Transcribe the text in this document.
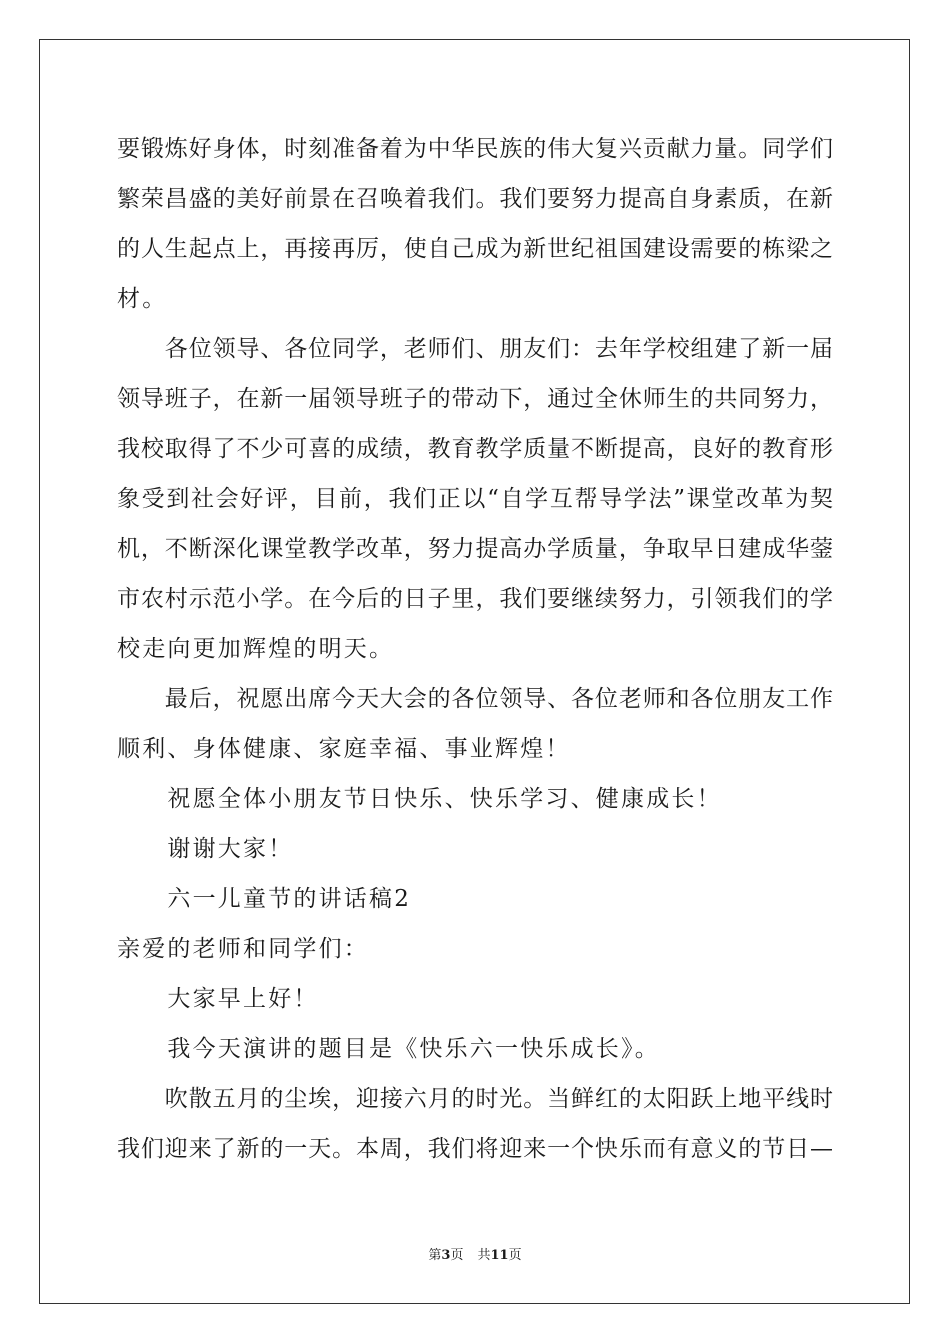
要锻炼好身体，时刻准备着为中华民族的伟大复兴贡献力量。同学们
繁荣昌盛的美好前景在召唤着我们。我们要努力提高自身素质，在新
的人生起点上，再接再厉，使自己成为新世纪祖国建设需要的栋梁之
材。
　　各位领导、各位同学，老师们、朋友们：去年学校组建了新一届
领导班子，在新一届领导班子的带动下，通过全休师生的共同努力，
我校取得了不少可喜的成绩，教育教学质量不断提高，良好的教育形
象受到社会好评，目前，我们正以“自学互帮导学法”课堂改革为契
机，不断深化课堂教学改革，努力提高办学质量，争取早日建成华蓥
市农村示范小学。在今后的日子里，我们要继续努力，引领我们的学
校走向更加辉煌的明天。
　　最后，祝愿出席今天大会的各位领导、各位老师和各位朋友工作
顺利、身体健康、家庭幸福、事业辉煌！
　　祝愿全体小朋友节日快乐、快乐学习、健康成长！
　　谢谢大家！
　　六一儿童节的讲话稿2
亲爱的老师和同学们：
　　大家早上好！
　　我今天演讲的题目是《快乐六一快乐成长》。
　　吹散五月的尘埃，迎接六月的时光。当鲜红的太阳跃上地平线时
我们迎来了新的一天。本周，我们将迎来一个快乐而有意义的节日—
第3页 共11页
